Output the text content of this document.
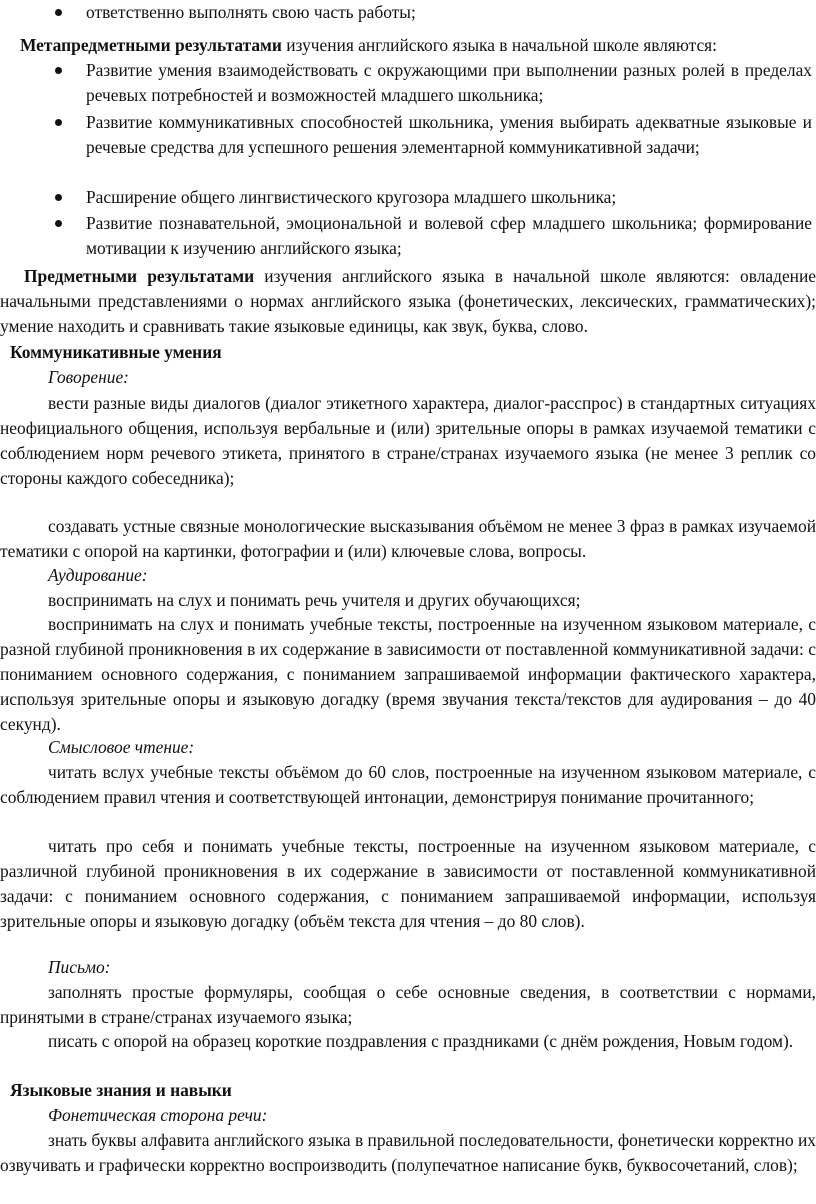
ответственно выполнять свою часть работы;

Метапредметными результатами изучения английского языка в начальной школе являются:

Развитие умения взаимодействовать с окружающими при выполнении разных ролей в пределах речевых потребностей и возможностей младшего школьника;
Развитие коммуникативных способностей школьника, умения выбирать адекватные языковые и речевые средства для успешного решения элементарной коммуникативной задачи;
Расширение общего лингвистического кругозора младшего школьника;
Развитие познавательной, эмоциональной и волевой сфер младшего школьника; формирование мотивации к изучению английского языка;

Предметными результатами изучения английского языка в начальной школе являются: овладение начальными представлениями о нормах английского языка (фонетических, лексических, грамматических); умение находить и сравнивать такие языковые единицы, как звук, буква, слово.

Коммуникативные умения

Говорение:

вести разные виды диалогов (диалог этикетного характера, диалог-расспрос) в стандартных ситуациях неофициального общения, используя вербальные и (или) зрительные опоры в рамках изучаемой тематики с соблюдением норм речевого этикета, принятого в стране/странах изучаемого языка (не менее 3 реплик со стороны каждого собеседника);

создавать устные связные монологические высказывания объёмом не менее 3 фраз в рамках изучаемой тематики с опорой на картинки, фотографии и (или) ключевые слова, вопросы.

Аудирование:

воспринимать на слух и понимать речь учителя и других обучающихся;

воспринимать на слух и понимать учебные тексты, построенные на изученном языковом материале, с разной глубиной проникновения в их содержание в зависимости от поставленной коммуникативной задачи: с пониманием основного содержания, с пониманием запрашиваемой информации фактического характера, используя зрительные опоры и языковую догадку (время звучания текста/текстов для аудирования – до 40 секунд).

Смысловое чтение:

читать вслух учебные тексты объёмом до 60 слов, построенные на изученном языковом материале, с соблюдением правил чтения и соответствующей интонации, демонстрируя понимание прочитанного;

читать про себя и понимать учебные тексты, построенные на изученном языковом материале, с различной глубиной проникновения в их содержание в зависимости от поставленной коммуникативной задачи: с пониманием основного содержания, с пониманием запрашиваемой информации, используя зрительные опоры и языковую догадку (объём текста для чтения – до 80 слов).

Письмо:

заполнять простые формуляры, сообщая о себе основные сведения, в соответствии с нормами, принятыми в стране/странах изучаемого языка;

писать с опорой на образец короткие поздравления с праздниками (с днём рождения, Новым годом).

Языковые знания и навыки

Фонетическая сторона речи:

знать буквы алфавита английского языка в правильной последовательности, фонетически корректно их озвучивать и графически корректно воспроизводить (полупечатное написание букв, буквосочетаний, слов);
